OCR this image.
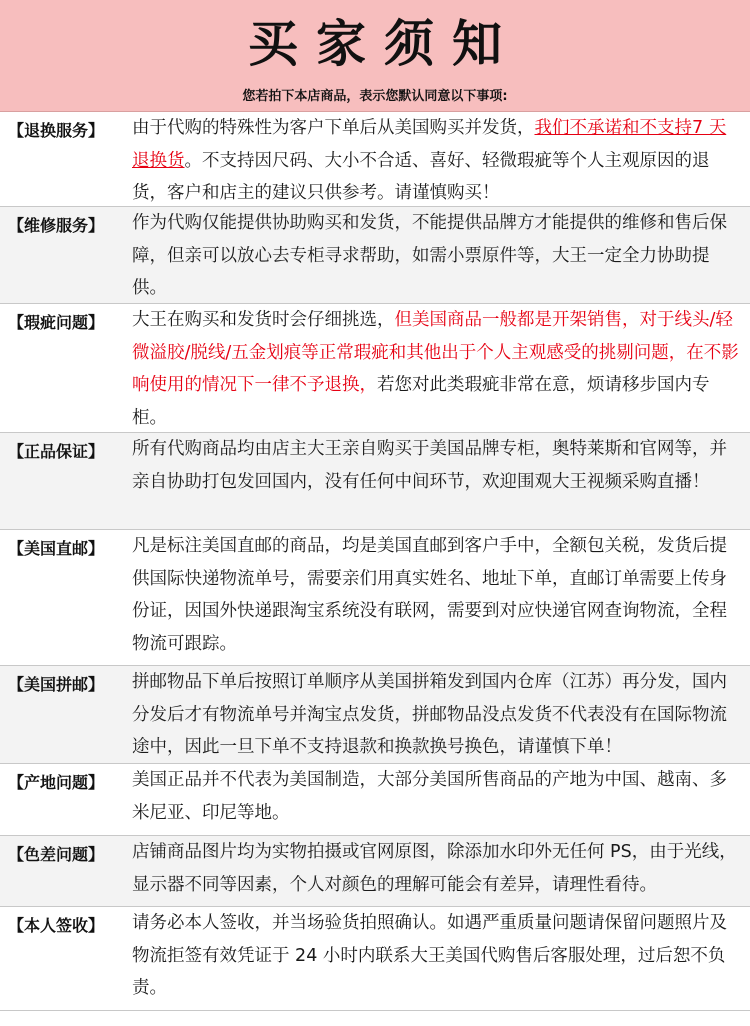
买家须知
您若拍下本店商品，表示您默认同意以下事项:
【退换服务】	由于代购的特殊性为客户下单后从美国购买并发货，我们不承诺和不支持7 天退换货。不支持因尺码、大小不合适、喜好、轻微瑕疵等个人主观原因的退货，客户和店主的建议只供参考。请谨慎购买！
【维修服务】	作为代购仅能提供协助购买和发货，不能提供品牌方才能提供的维修和售后保障，但亲可以放心去专柜寻求帮助，如需小票原件等，大王一定全力协助提供。
【瑕疵问题】	大王在购买和发货时会仔细挑选，但美国商品一般都是开架销售，对于线头/轻微溢胶/脱线/五金划痕等正常瑕疵和其他出于个人主观感受的挑剔问题，在不影响使用的情况下一律不予退换，若您对此类瑕疵非常在意，烦请移步国内专柜。
【正品保证】	所有代购商品均由店主大王亲自购买于美国品牌专柜，奥特莱斯和官网等，并亲自协助打包发回国内，没有任何中间环节，欢迎围观大王视频采购直播！
【美国直邮】	凡是标注美国直邮的商品，均是美国直邮到客户手中，全额包关税，发货后提供国际快递物流单号，需要亲们用真实姓名、地址下单，直邮订单需要上传身份证，因国外快递跟淘宝系统没有联网，需要到对应快递官网查询物流，全程物流可跟踪。
【美国拼邮】	拼邮物品下单后按照订单顺序从美国拼箱发到国内仓库（江苏）再分发，国内分发后才有物流单号并淘宝点发货，拼邮物品没点发货不代表没有在国际物流途中，因此一旦下单不支持退款和换款换号换色，请谨慎下单！
【产地问题】	美国正品并不代表为美国制造，大部分美国所售商品的产地为中国、越南、多米尼亚、印尼等地。
【色差问题】	店铺商品图片均为实物拍摄或官网原图，除添加水印外无任何 PS，由于光线，显示器不同等因素，个人对颜色的理解可能会有差异，请理性看待。
【本人签收】	请务必本人签收，并当场验货拍照确认。如遇严重质量问题请保留问题照片及物流拒签有效凭证于 24 小时内联系大王美国代购售后客服处理，过后恕不负责。
